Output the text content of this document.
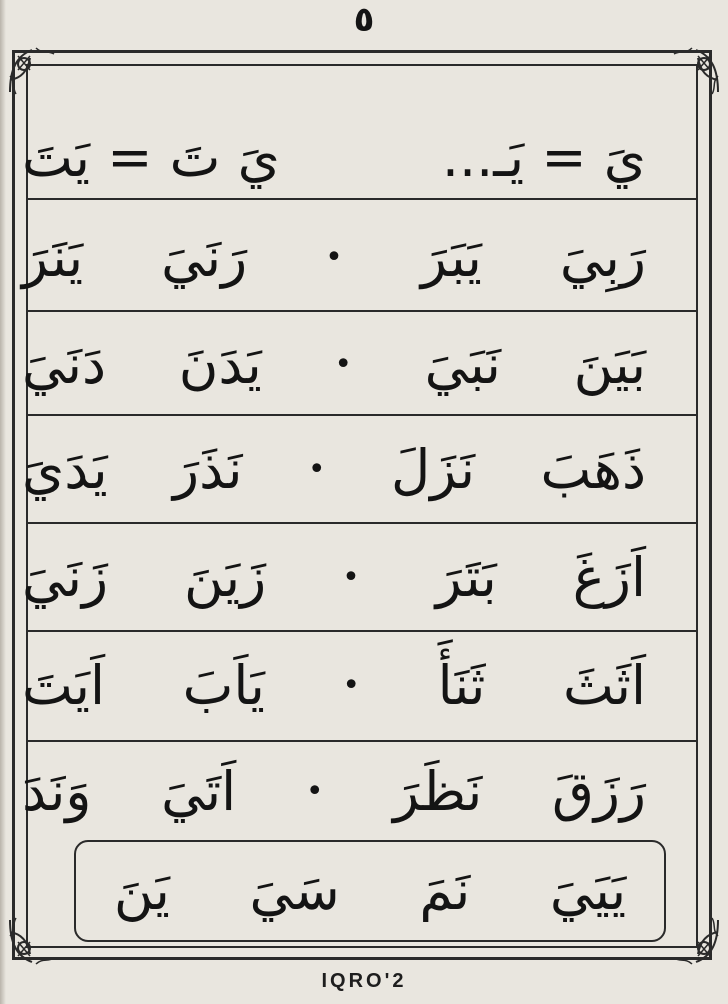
٥
يَ = يَـ...
يَ تَ = يَتَ
رَبِيَ
يَبَرَ
•
رَنَيَ
يَنَرَ
بَيَنَ
نَبَيَ
•
يَدَنَ
دَنَيَ
ذَهَبَ
نَزَلَ
•
نَذَرَ
يَدَيَ
اَزَغَ
بَتَرَ
•
زَيَنَ
زَنَيَ
اَثَثَ
ثَنَأَ
•
يَاَبَ
اَيَتَ
رَزَقَ
نَظَرَ
•
اَتَيَ
وَنَدَ
يَيَيَ
نَمَ
سَيَ
يَنَ
IQRO'2
